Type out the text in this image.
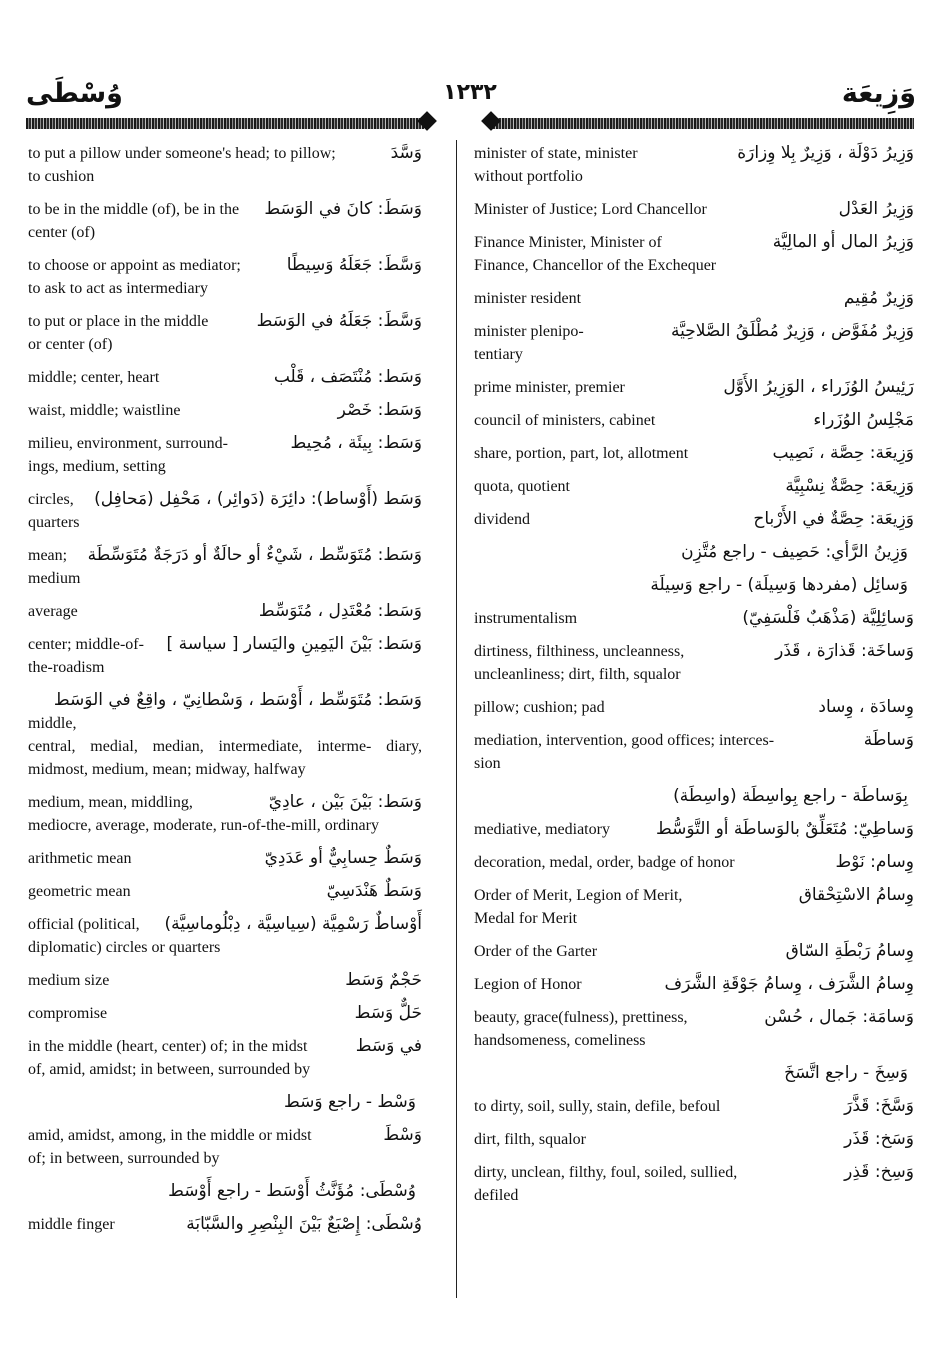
وُسْطَى	١٢٣٢	وَزِيعَة
وَسَّدَ
to put a pillow under someone's head; to pillow;
to cushion
وَسَطَ: كانَ في الوَسَط
to be in the middle (of), be in the
center (of)
وَسَّطَ: جَعَلَهُ وَسِيطًا
to choose or appoint as mediator;
to ask to act as intermediary
وَسَّطَ: جَعَلَهُ في الوَسَط
to put or place in the middle
or center (of)
وَسَط: مُنْتَصَف ، قَلْب
middle; center, heart
وَسَط: خَصْر
waist, middle; waistline
وَسَط: بِيئَة ، مُحِيط
milieu, environment, surround-
ings, medium, setting
وَسَط (أَوْساط): دائِرَة (دَوائِر) ، مَحْفِل (مَحافِل)
circles,
quarters
وَسَط: مُتَوَسِّط ، شَيْءٌ أو حالَةٌ أو دَرَجَةٌ مُتَوَسِّطَة
mean;
medium
وَسَط: مُعْتَدِل ، مُتَوَسِّط
average
وَسَط: بَيْنَ اليَمِينِ واليَسار [ سياسة ]
center; middle-of-
the-roadism
وَسَط: مُتَوَسِّط ، أَوْسَط ، وَسْطانِيّ ، واقِعٌ في الوَسَط
middle,
central, medial, median, intermediate, interme- diary, midmost, medium, mean; midway, halfway
وَسَط: بَيْنَ بَيْن ، عادِيّ
medium, mean, middling,
mediocre, average, moderate, run-of-the-mill, ordinary
وَسَطٌ حِسابِيٌّ أو عَدَدِيّ
arithmetic mean
وَسَطٌ هَنْدَسِيّ
geometric mean
أَوْساطٌ رَسْمِيَّة (سِياسِيَّة ، دِبْلُوماسِيَّة)
official (political,
diplomatic) circles or quarters
حَجْمٌ وَسَط
medium size
حَلٌّ وَسَط
compromise
في وَسَط
in the middle (heart, center) of; in the midst
of, amid, amidst; in between, surrounded by
وَسْط - راجع وَسَط
وَسْطَ
amid, amidst, among, in the middle or midst
of; in between, surrounded by
وُسْطَى: مُؤَنَّثُ أَوْسَط - راجع أَوْسَط
وُسْطَى: إِصْبَعٌ بَيْنَ البِنْصِرِ والسَّبّابَة
middle finger
وَزِيرُ دَوْلَة ، وَزِيرٌ بِلا وِزارَة
minister of state, minister
without portfolio
وَزِيرُ العَدْل
Minister of Justice; Lord Chancellor
وَزِيرُ المال أو المالِيَّة
Finance Minister, Minister of
Finance, Chancellor of the Exchequer
وَزِيرٌ مُقِيم
minister resident
وَزِيرٌ مُفَوَّض ، وَزِيرٌ مُطْلَقُ الصَّلاحِيَّة
minister plenipo-
tentiary
رَئِيسُ الوُزَراء ، الوَزِيرُ الأَوَّل
prime minister, premier
مَجْلِسُ الوُزَراء
council of ministers, cabinet
وَزِيعَة: حِصَّة ، نَصِيب
share, portion, part, lot, allotment
وَزِيعَة: حِصَّةٌ نِسْبِيَّة
quota, quotient
وَزِيعَة: حِصَّةٌ في الأَرْباح
dividend
وَزِينُ الرَّأي: حَصِيف - راجع مُتَّزِن
وَسائِل (مفردها وَسِيلَة) - راجع وَسِيلَة
وَسائِلِيَّة (مَذْهَبٌ فَلْسَفِيّ)
instrumentalism
وَساخَة: قَذارَة ، قَذَر
dirtiness, filthiness, uncleanness,
uncleanliness; dirt, filth, squalor
وِسادَة ، وِساد
pillow; cushion; pad
وَساطَة
mediation, intervention, good offices; interces-
sion
بِوَساطَة - راجع بِواسِطَة (واسِطَة)
وَساطِيّ: مُتَعَلِّقٌ بالوَساطَة أو التَّوَسُّط
mediative, mediatory
وِسام: نَوْط
decoration, medal, order, badge of honor
وِسامُ الاسْتِحْقاق
Order of Merit, Legion of Merit,
Medal for Merit
وِسامُ رَبْطَةِ السّاق
Order of the Garter
وِسامُ الشَّرَف ، وِسامُ جَوْقَةِ الشَّرَف
Legion of Honor
وَسامَة: جَمال ، حُسْن
beauty, grace(fulness), prettiness,
handsomeness, comeliness
وَسِخَ - راجع اتَّسَخَ
وَسَّخَ: قَذَّرَ
to dirty, soil, sully, stain, defile, befoul
وَسَخ: قَذَر
dirt, filth, squalor
وَسِخ: قَذِر
dirty, unclean, filthy, foul, soiled, sullied,
defiled
